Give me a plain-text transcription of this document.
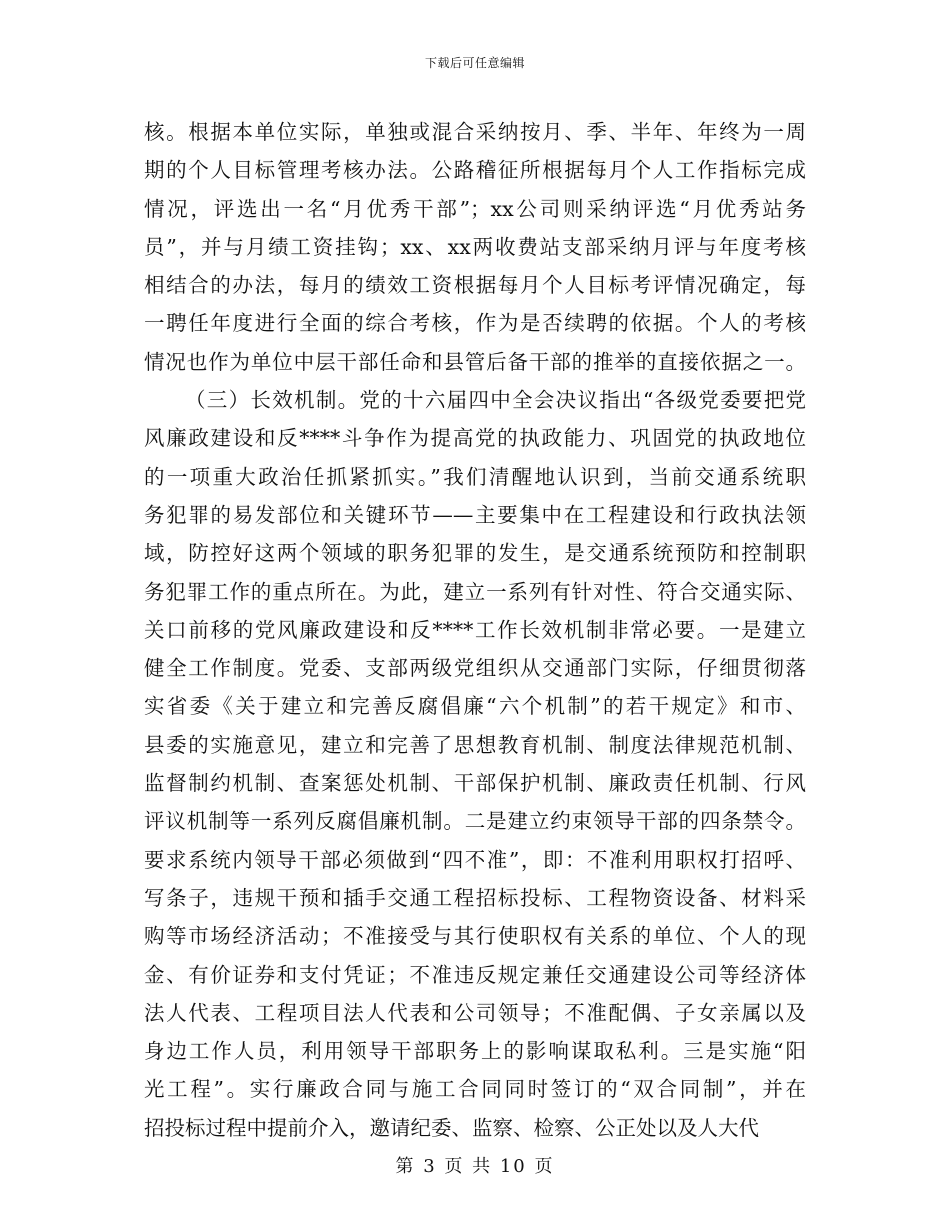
下载后可任意编辑
核。根据本单位实际，单独或混合采纳按月、季、半年、年终为一周
期的个人目标管理考核办法。公路稽征所根据每月个人工作指标完成
情况，评选出一名“月优秀干部”；xx公司则采纳评选“月优秀站务
员”，并与月绩工资挂钩；xx、xx两收费站支部采纳月评与年度考核
相结合的办法，每月的绩效工资根据每月个人目标考评情况确定，每
一聘任年度进行全面的综合考核，作为是否续聘的依据。个人的考核
情况也作为单位中层干部任命和县管后备干部的推举的直接依据之一。
（三）长效机制。党的十六届四中全会决议指出“各级党委要把党
风廉政建设和反****斗争作为提高党的执政能力、巩固党的执政地位
的一项重大政治任抓紧抓实。”我们清醒地认识到，当前交通系统职
务犯罪的易发部位和关键环节——主要集中在工程建设和行政执法领
域，防控好这两个领域的职务犯罪的发生，是交通系统预防和控制职
务犯罪工作的重点所在。为此，建立一系列有针对性、符合交通实际、
关口前移的党风廉政建设和反****工作长效机制非常必要。一是建立
健全工作制度。党委、支部两级党组织从交通部门实际，仔细贯彻落
实省委《关于建立和完善反腐倡廉“六个机制”的若干规定》和市、
县委的实施意见，建立和完善了思想教育机制、制度法律规范机制、
监督制约机制、查案惩处机制、干部保护机制、廉政责任机制、行风
评议机制等一系列反腐倡廉机制。二是建立约束领导干部的四条禁令。
要求系统内领导干部必须做到“四不准”，即：不准利用职权打招呼、
写条子，违规干预和插手交通工程招标投标、工程物资设备、材料采
购等市场经济活动；不准接受与其行使职权有关系的单位、个人的现
金、有价证券和支付凭证；不准违反规定兼任交通建设公司等经济体
法人代表、工程项目法人代表和公司领导；不准配偶、子女亲属以及
身边工作人员，利用领导干部职务上的影响谋取私利。三是实施“阳
光工程”。实行廉政合同与施工合同同时签订的“双合同制”，并在
招投标过程中提前介入，邀请纪委、监察、检察、公正处以及人大代
第 3 页 共 10 页
